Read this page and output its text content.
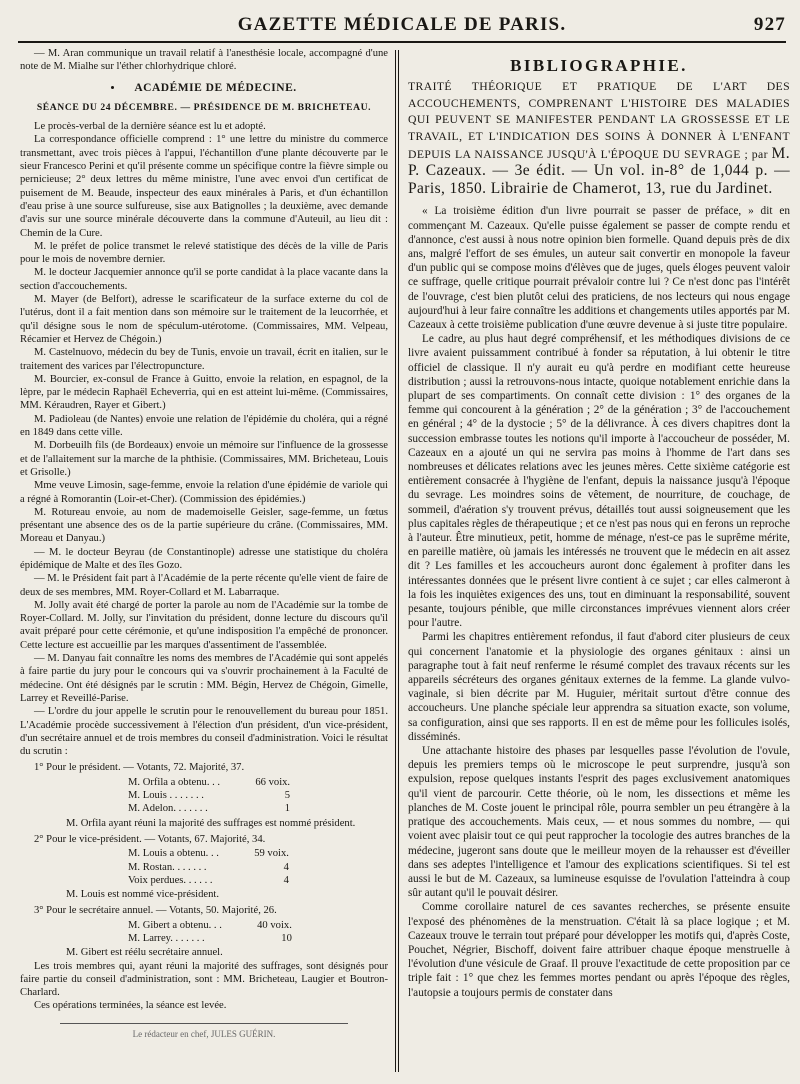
GAZETTE MÉDICALE DE PARIS.	927

— M. Aran communique un travail relatif à l'anesthésie locale, accompagné d'une note de M. Mialhe sur l'éther chlorhydrique chloré.

ACADÉMIE DE MÉDECINE.
SÉANCE DU 24 DÉCEMBRE. — PRÉSIDENCE DE M. BRICHETEAU.

Le procès-verbal de la dernière séance est lu et adopté.

La correspondance officielle comprend : 1° une lettre du ministre du commerce transmettant, avec trois pièces à l'appui, l'échantillon d'une plante découverte par le sieur Francesco Perini et qu'il présente comme un spécifique contre la fièvre simple ou pernicieuse; 2° deux lettres du même ministre, l'une avec envoi d'un certificat de puisement de M. Beaude, inspecteur des eaux minérales à Paris, et d'un échantillon d'eau prise à une source sulfureuse, sise aux Batignolles ; la deuxième, avec demande d'avis sur une source minérale découverte dans la commune d'Auteuil, au lieu dit : Chemin de la Cure.

M. le préfet de police transmet le relevé statistique des décès de la ville de Paris pour le mois de novembre dernier.

M. le docteur Jacquemier annonce qu'il se porte candidat à la place vacante dans la section d'accouchements.

M. Mayer (de Belfort), adresse le scarificateur de la surface externe du col de l'utérus, dont il a fait mention dans son mémoire sur le traitement de la leucorrhée, et qu'il désigne sous le nom de spéculum-utérotome. (Commissaires, MM. Velpeau, Récamier et Hervez de Chégoin.)

M. Castelnuovo, médecin du bey de Tunis, envoie un travail, écrit en italien, sur le traitement des varices par l'électropuncture.

M. Bourcier, ex-consul de France à Guitto, envoie la relation, en espagnol, de la lèpre, par le médecin Raphaël Echeverria, qui en est atteint lui-même. (Commissaires, MM. Kéraudren, Rayer et Gibert.)

M. Padioleau (de Nantes) envoie une relation de l'épidémie du choléra, qui a régné en 1849 dans cette ville.

M. Dorbeuilh fils (de Bordeaux) envoie un mémoire sur l'influence de la grossesse et de l'allaitement sur la marche de la phthisie. (Commissaires, MM. Bricheteau, Louis et Grisolle.)

Mme veuve Limosin, sage-femme, envoie la relation d'une épidémie de variole qui a régné à Romorantin (Loir-et-Cher). (Commission des épidémies.)

M. Rotureau envoie, au nom de mademoiselle Geisler, sage-femme, un fœtus présentant une absence des os de la partie supérieure du crâne. (Commissaires, MM. Moreau et Danyau.)

— M. le docteur Beyrau (de Constantinople) adresse une statistique du choléra épidémique de Malte et des îles Gozo.

— M. le Président fait part à l'Académie de la perte récente qu'elle vient de faire de deux de ses membres, MM. Royer-Collard et M. Labarraque.

M. Jolly avait été chargé de porter la parole au nom de l'Académie sur la tombe de Royer-Collard. M. Jolly, sur l'invitation du président, donne lecture du discours qu'il avait préparé pour cette cérémonie, et qu'une indisposition l'a empêché de prononcer. Cette lecture est accueillie par les marques d'assentiment de l'assemblée.

— M. Danyau fait connaître les noms des membres de l'Académie qui sont appelés à faire partie du jury pour le concours qui va s'ouvrir prochainement à la Faculté de médecine. Ont été désignés par le scrutin : MM. Bégin, Hervez de Chégoin, Gimelle, Larrey et Reveillé-Parise.

— L'ordre du jour appelle le scrutin pour le renouvellement du bureau pour 1851. L'Académie procède successivement à l'élection d'un président, d'un vice-président, d'un secrétaire annuel et de trois membres du conseil d'administration. Voici le résultat du scrutin :

1° Pour le président. — Votants, 72. Majorité, 37.

M. Orfila a obtenu. . .	66 voix.
M. Louis . . . . . . .	5
M. Adelon. . . . . . .	1

M. Orfila ayant réuni la majorité des suffrages est nommé président.

2° Pour le vice-président. — Votants, 67. Majorité, 34.

M. Louis a obtenu. . .	59 voix.
M. Rostan. . . . . . .	4
Voix perdues. . . . . .	4

M. Louis est nommé vice-président.

3° Pour le secrétaire annuel. — Votants, 50. Majorité, 26.

M. Gibert a obtenu. . .	40 voix.
M. Larrey. . . . . . .	10

M. Gibert est réélu secrétaire annuel.

Les trois membres qui, ayant réuni la majorité des suffrages, sont désignés pour faire partie du conseil d'administration, sont : MM. Bricheteau, Laugier et Boutron-Charlard.

Ces opérations terminées, la séance est levée.

Le rédacteur en chef, JULES GUÉRIN.
BIBLIOGRAPHIE.
TRAITÉ THÉORIQUE ET PRATIQUE DE L'ART DES ACCOUCHEMENTS, COMPRENANT L'HISTOIRE DES MALADIES QUI PEUVENT SE MANIFESTER PENDANT LA GROSSESSE ET LE TRAVAIL, ET L'INDICATION DES SOINS À DONNER À L'ENFANT DEPUIS LA NAISSANCE JUSQU'À L'ÉPOQUE DU SEVRAGE ; par M. P. Cazeaux. — 3e édit. — Un vol. in-8° de 1,044 p. — Paris, 1850. Librairie de Chamerot, 13, rue du Jardinet.

« La troisième édition d'un livre pourrait se passer de préface, » dit en commençant M. Cazeaux. Qu'elle puisse également se passer de compte rendu et d'annonce, c'est aussi à nous notre opinion bien formelle. Quand depuis près de dix ans, malgré l'effort de ses émules, un auteur sait convertir en monopole la faveur d'un public qui se compose moins d'élèves que de juges, quels éloges peuvent valoir ce suffrage, quelle critique pourrait prévaloir contre lui ? Ce n'est donc pas l'intérêt de l'ouvrage, c'est bien plutôt celui des praticiens, de nos lecteurs qui nous engage aujourd'hui à leur faire connaître les additions et changements utiles apportés par M. Cazeaux à cette troisième publication d'une œuvre devenue à si juste titre populaire.

Le cadre, au plus haut degré compréhensif, et les méthodiques divisions de ce livre avaient puissamment contribué à fonder sa réputation, à lui obtenir le titre officiel de classique. Il n'y aurait eu qu'à perdre en modifiant cette heureuse distribution ; aussi la retrouvons-nous intacte, quoique notablement enrichie dans la plupart de ses compartiments. On connaît cette division : 1° des organes de la femme qui concourent à la génération ; 2° de la génération ; 3° de l'accouchement en général ; 4° de la dystocie ; 5° de la délivrance. À ces divers chapitres dont la succession embrasse toutes les notions qu'il importe à l'accoucheur de posséder, M. Cazeaux en a ajouté un qui ne servira pas moins à l'homme de l'art dans ses nombreuses et délicates relations avec les jeunes mères. Cette sixième catégorie est entièrement consacrée à l'hygiène de l'enfant, depuis la naissance jusqu'à l'époque du sevrage. Les moindres soins de vêtement, de nourriture, de couchage, de sommeil, d'aération s'y trouvent prévus, détaillés tout aussi soigneusement que les plus capitales règles de thérapeutique ; et ce n'est pas nous qui en ferons un reproche à l'auteur. Être minutieux, petit, homme de ménage, n'est-ce pas le suprême mérite, en pareille matière, où jamais les intéressés ne trouvent que le médecin en ait assez dit ? Les familles et les accoucheurs auront donc également à profiter dans les intéressantes données que le présent livre contient à ce sujet ; car elles calmeront à la fois les inquiètes exigences des uns, tout en diminuant la responsabilité, souvent pesante, toujours pénible, que mille circonstances imprévues viennent alors créer pour l'autre.

Parmi les chapitres entièrement refondus, il faut d'abord citer plusieurs de ceux qui concernent l'anatomie et la physiologie des organes génitaux : ainsi un paragraphe tout à fait neuf renferme le résumé complet des travaux récents sur les appareils sécréteurs des organes génitaux externes de la femme. La glande vulvo-vaginale, si bien décrite par M. Huguier, méritait surtout d'être connue des accoucheurs. Une planche spéciale leur apprendra sa situation exacte, son volume, sa configuration, ainsi que ses rapports. Il en est de même pour les follicules isolés, disséminés.

Une attachante histoire des phases par lesquelles passe l'évolution de l'ovule, depuis les premiers temps où le microscope le peut surprendre, jusqu'à son expulsion, repose quelques instants l'esprit des pages exclusivement anatomiques qu'il vient de parcourir. Cette théorie, où le nom, les dissections et même les planches de M. Coste jouent le principal rôle, pourra sembler un peu étrangère à la pratique des accouchements. Mais ceux, — et nous sommes du nombre, — qui voient avec plaisir tout ce qui peut rapprocher la tocologie des autres branches de la médecine, jugeront sans doute que le meilleur moyen de la rehausser est d'éveiller dans ses adeptes l'intelligence et l'amour des explications scientifiques. Si tel est aussi le but de M. Cazeaux, sa lumineuse esquisse de l'ovulation l'atteindra à coup sûr autant qu'il le pouvait désirer.

Comme corollaire naturel de ces savantes recherches, se présente ensuite l'exposé des phénomènes de la menstruation. C'était là sa place logique ; et M. Cazeaux trouve le terrain tout préparé pour développer les motifs qui, d'après Coste, Pouchet, Négrier, Bischoff, doivent faire attribuer chaque époque menstruelle à l'évolution d'une vésicule de Graaf. Il prouve l'exactitude de cette proposition par ce triple fait : 1° que chez les femmes mortes pendant ou après l'époque des règles, l'autopsie a toujours permis de constater dans
